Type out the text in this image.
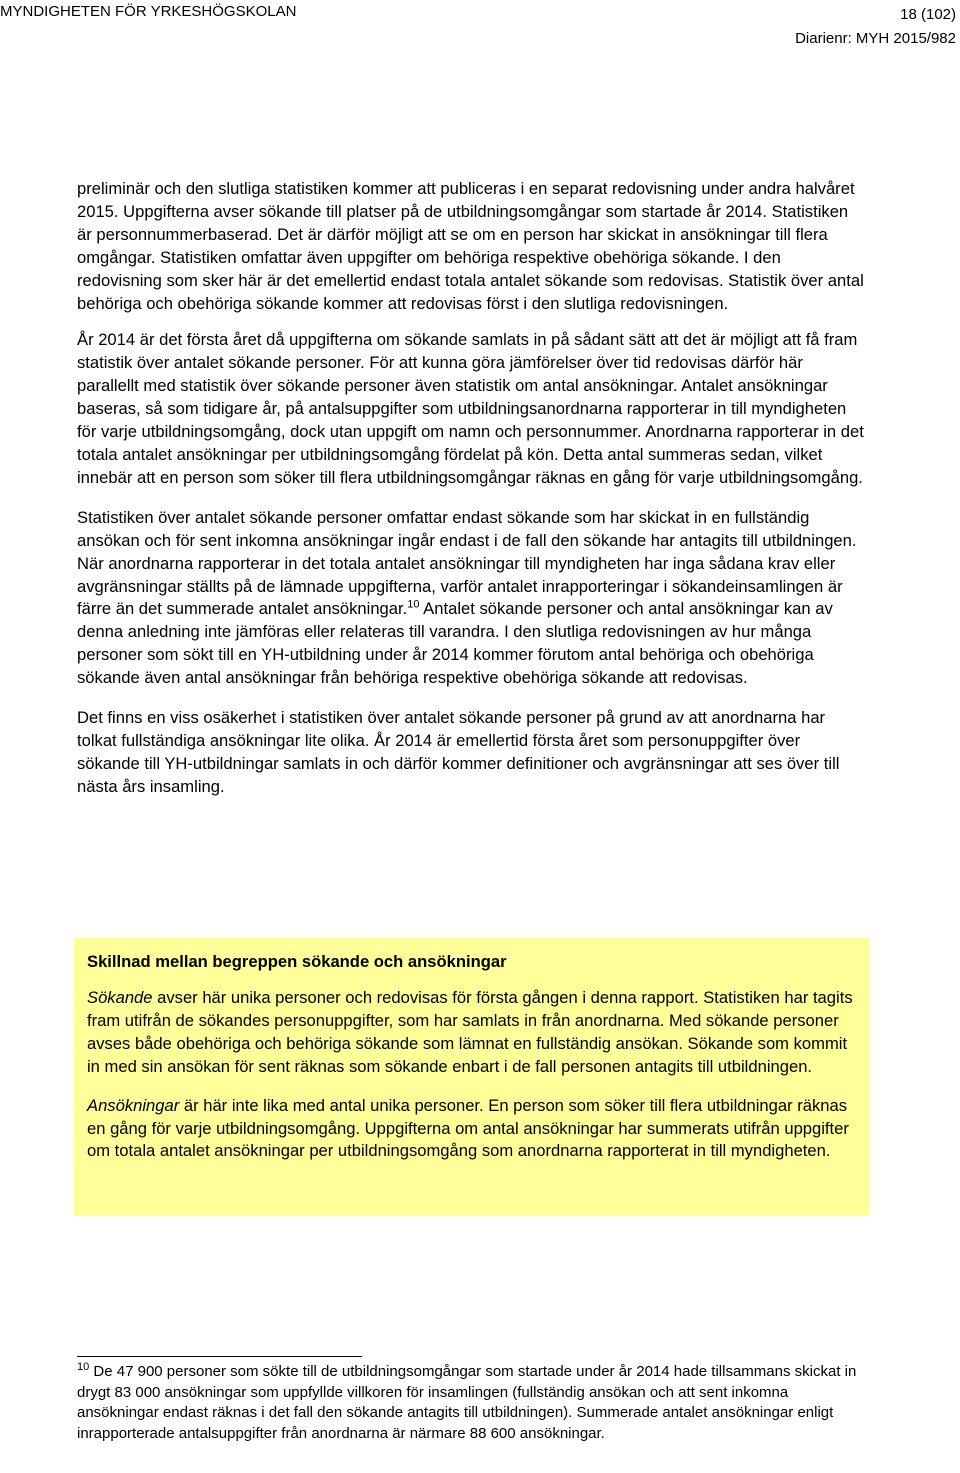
MYNDIGHETEN FÖR YRKESHÖGSKOLAN	18 (102)
Diarienr: MYH 2015/982

preliminär och den slutliga statistiken kommer att publiceras i en separat redovisning under andra halvåret 2015. Uppgifterna avser sökande till platser på de utbildningsomgångar som startade år 2014. Statistiken är personnummerbaserad. Det är därför möjligt att se om en person har skickat in ansökningar till flera omgångar. Statistiken omfattar även uppgifter om behöriga respektive obehöriga sökande. I den redovisning som sker här är det emellertid endast totala antalet sökande som redovisas. Statistik över antal behöriga och obehöriga sökande kommer att redovisas först i den slutliga redovisningen.

År 2014 är det första året då uppgifterna om sökande samlats in på sådant sätt att det är möjligt att få fram statistik över antalet sökande personer. För att kunna göra jämförelser över tid redovisas därför här parallellt med statistik över sökande personer även statistik om antal ansökningar. Antalet ansökningar baseras, så som tidigare år, på antalsuppgifter som utbildningsanordnarna rapporterar in till myndigheten för varje utbildningsomgång, dock utan uppgift om namn och personnummer. Anordnarna rapporterar in det totala antalet ansökningar per utbildningsomgång fördelat på kön. Detta antal summeras sedan, vilket innebär att en person som söker till flera utbildningsomgångar räknas en gång för varje utbildningsomgång.

Statistiken över antalet sökande personer omfattar endast sökande som har skickat in en fullständig ansökan och för sent inkomna ansökningar ingår endast i de fall den sökande har antagits till utbildningen. När anordnarna rapporterar in det totala antalet ansökningar till myndigheten har inga sådana krav eller avgränsningar ställts på de lämnade uppgifterna, varför antalet inrapporteringar i sökandeinsamlingen är färre än det summerade antalet ansökningar.$^{10}$ Antalet sökande personer och antal ansökningar kan av denna anledning inte jämföras eller relateras till varandra. I den slutliga redovisningen av hur många personer som sökt till en YH-utbildning under år 2014 kommer förutom antal behöriga och obehöriga sökande även antal ansökningar från behöriga respektive obehöriga sökande att redovisas.

Det finns en viss osäkerhet i statistiken över antalet sökande personer på grund av att anordnarna har tolkat fullständiga ansökningar lite olika. År 2014 är emellertid första året som personuppgifter över sökande till YH-utbildningar samlats in och därför kommer definitioner och avgränsningar att ses över till nästa års insamling.

Skillnad mellan begreppen sökande och ansökningar

Sökande avser här unika personer och redovisas för första gången i denna rapport. Statistiken har tagits fram utifrån de sökandes personuppgifter, som har samlats in från anordnarna. Med sökande personer avses både obehöriga och behöriga sökande som lämnat en fullständig ansökan. Sökande som kommit in med sin ansökan för sent räknas som sökande enbart i de fall personen antagits till utbildningen.

Ansökningar är här inte lika med antal unika personer. En person som söker till flera utbildningar räknas en gång för varje utbildningsomgång. Uppgifterna om antal ansökningar har summerats utifrån uppgifter om totala antalet ansökningar per utbildningsomgång som anordnarna rapporterat in till myndigheten.

$^{10}$ De 47 900 personer som sökte till de utbildningsomgångar som startade under år 2014 hade tillsammans skickat in drygt 83 000 ansökningar som uppfyllde villkoren för insamlingen (fullständig ansökan och att sent inkomna ansökningar endast räknas i det fall den sökande antagits till utbildningen). Summerade antalet ansökningar enligt inrapporterade antalsuppgifter från anordnarna är närmare 88 600 ansökningar.
